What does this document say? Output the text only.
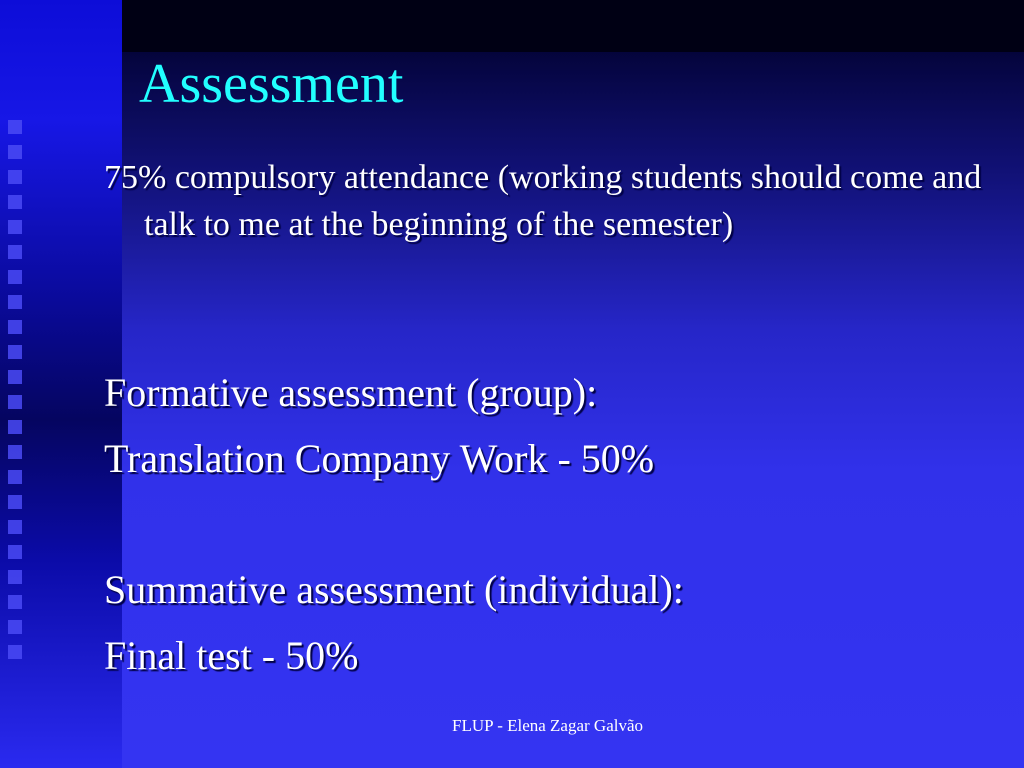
Assessment
75% compulsory attendance (working students should come and talk to me at the beginning of the semester)
Formative assessment (group):
Translation Company Work - 50%
Summative assessment (individual):
Final test - 50%
FLUP - Elena Zagar Galvão
